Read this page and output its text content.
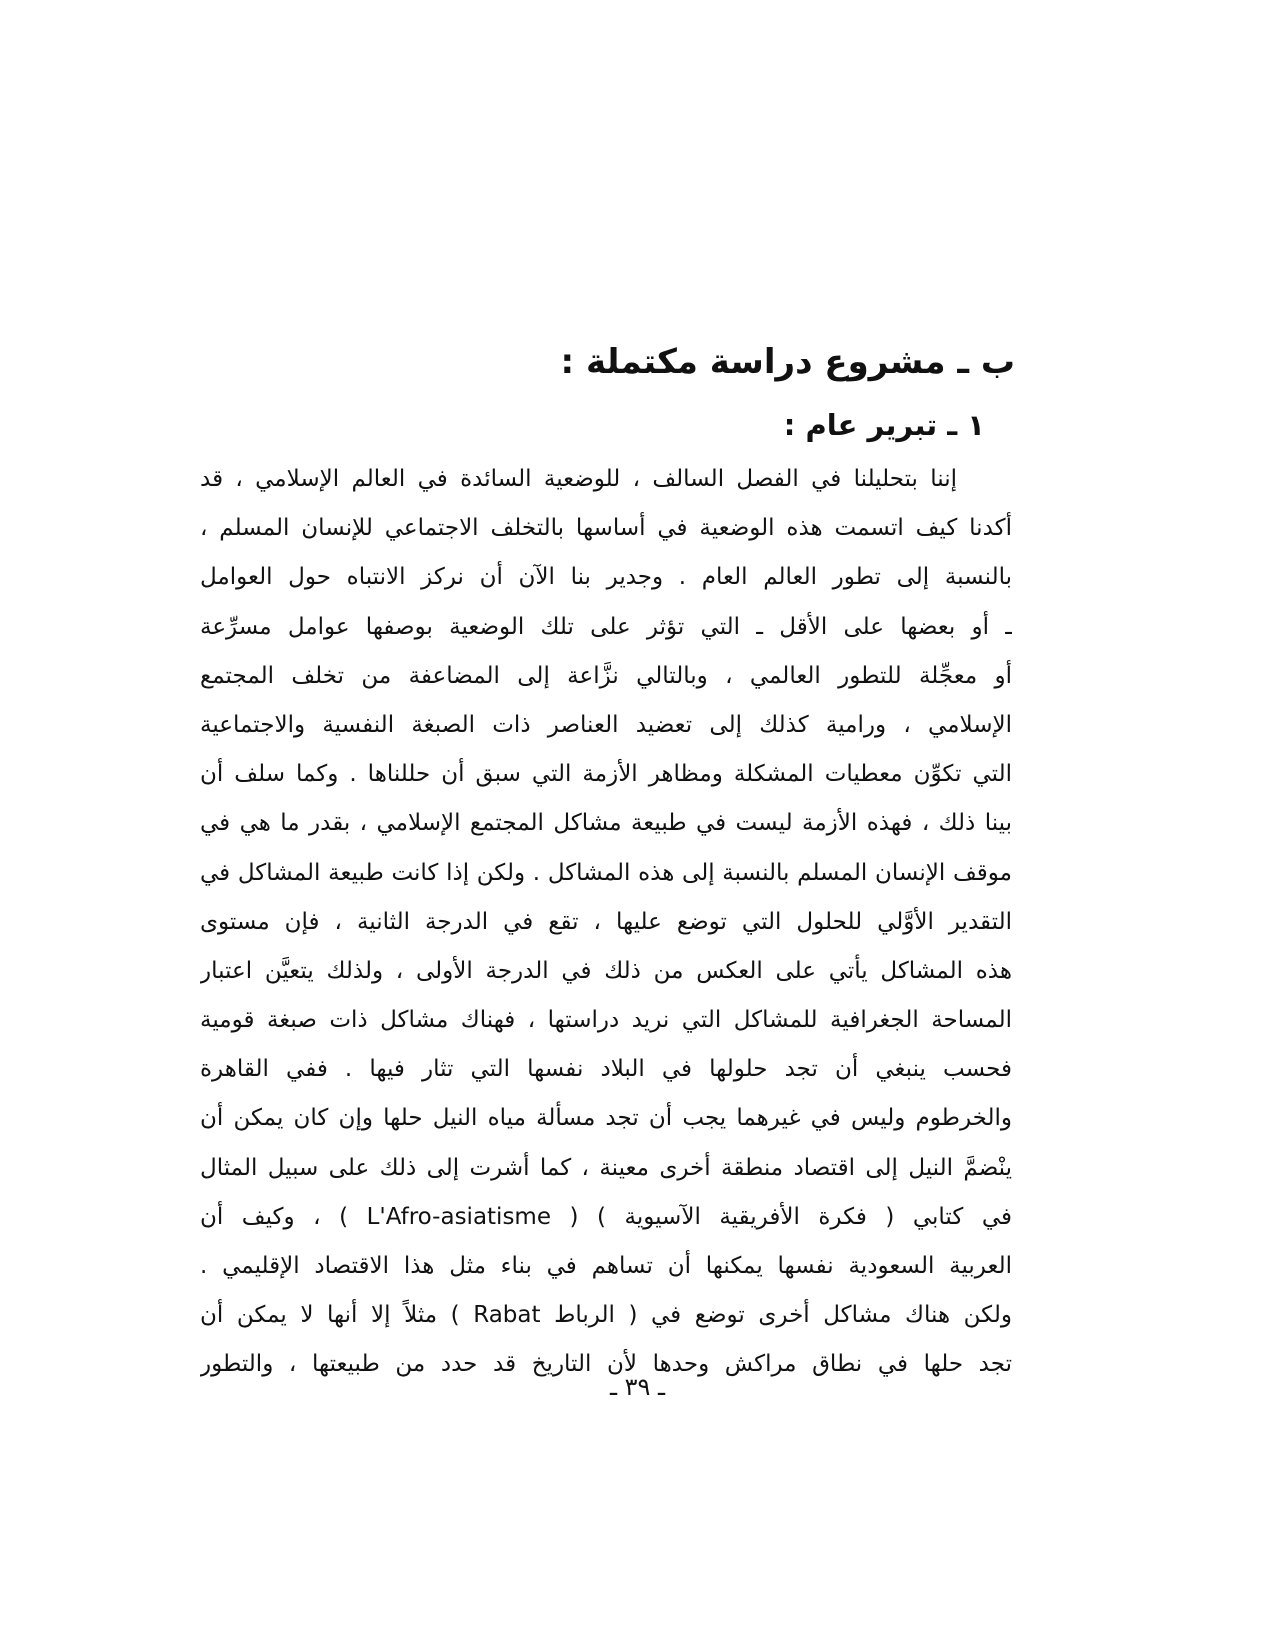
ب ـ مشروع دراسة مكتملة :
١ ـ تبرير عام :
إننا بتحليلنا في الفصل السالف ، للوضعية السائدة في العالم الإسلامي ، قد
أكدنا كيف اتسمت هذه الوضعية في أساسها بالتخلف الاجتماعي للإنسان المسلم ،
بالنسبة إلى تطور العالم العام . وجدير بنا الآن أن نركز الانتباه حول العوامل
ـ أو بعضها على الأقل ـ التي تؤثر على تلك الوضعية بوصفها عوامل مسرِّعة
أو معجِّلة للتطور العالمي ، وبالتالي نزَّاعة إلى المضاعفة من تخلف المجتمع
الإسلامي ، ورامية كذلك إلى تعضيد العناصر ذات الصبغة النفسية والاجتماعية
التي تكوِّن معطيات المشكلة ومظاهر الأزمة التي سبق أن حللناها . وكما سلف أن
بينا ذلك ، فهذه الأزمة ليست في طبيعة مشاكل المجتمع الإسلامي ، بقدر ما هي في
موقف الإنسان المسلم بالنسبة إلى هذه المشاكل . ولكن إذا كانت طبيعة المشاكل في
التقدير الأوَّلي للحلول التي توضع عليها ، تقع في الدرجة الثانية ، فإن مستوى
هذه المشاكل يأتي على العكس من ذلك في الدرجة الأولى ، ولذلك يتعيَّن اعتبار
المساحة الجغرافية للمشاكل التي نريد دراستها ، فهناك مشاكل ذات صبغة قومية
فحسب ينبغي أن تجد حلولها في البلاد نفسها التي تثار فيها . ففي القاهرة
والخرطوم وليس في غيرهما يجب أن تجد مسألة مياه النيل حلها وإن كان يمكن أن
ينْضمَّ النيل إلى اقتصاد منطقة أخرى معينة ، كما أشرت إلى ذلك على سبيل المثال
في كتابي ( فكرة الأفريقية الآسيوية ) ( L'Afro-asiatisme ) ، وكيف أن
العربية السعودية نفسها يمكنها أن تساهم في بناء مثل هذا الاقتصاد الإقليمي .
ولكن هناك مشاكل أخرى توضع في ( الرباط Rabat ) مثلاً إلا أنها لا يمكن أن
تجد حلها في نطاق مراكش وحدها لأن التاريخ قد حدد من طبيعتها ، والتطور
ـ ٣٩ ـ
